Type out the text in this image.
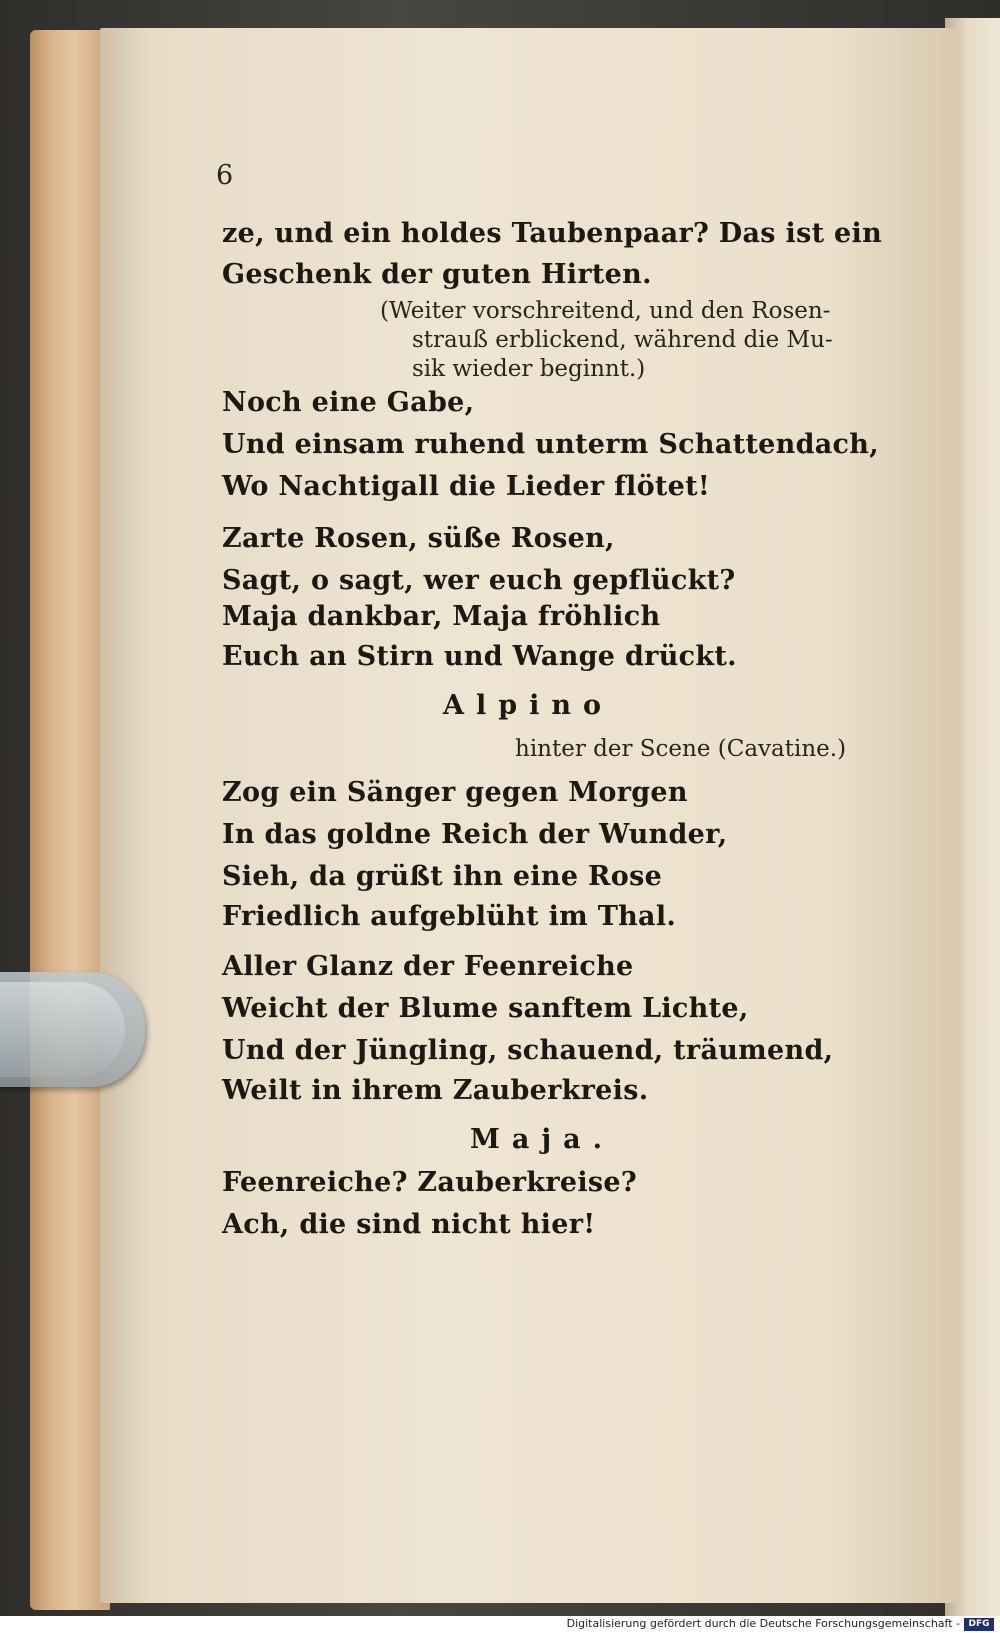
6
ze, und ein holdes Taubenpaar? Das ist ein
Geschenk der guten Hirten.
(Weiter vorschreitend, und den Rosen-
strauß erblickend, während die Mu-
sik wieder beginnt.)
Noch eine Gabe,
Und einsam ruhend unterm Schattendach,
Wo Nachtigall die Lieder flötet!
Zarte Rosen, süße Rosen,
Sagt, o sagt, wer euch gepflückt?
Maja dankbar, Maja fröhlich
Euch an Stirn und Wange drückt.
Alpino
hinter der Scene (Cavatine.)
Zog ein Sänger gegen Morgen
In das goldne Reich der Wunder,
Sieh, da grüßt ihn eine Rose
Friedlich aufgeblüht im Thal.
Aller Glanz der Feenreiche
Weicht der Blume sanftem Lichte,
Und der Jüngling, schauend, träumend,
Weilt in ihrem Zauberkreis.
Maja.
Feenreiche? Zauberkreise?
Ach, die sind nicht hier!
Digitalisierung gefördert durch die Deutsche Forschungsgemeinschaft - DFG
